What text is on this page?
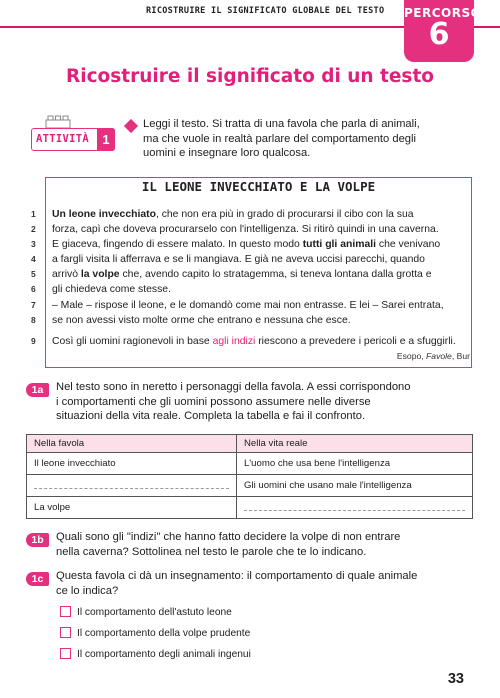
RICOSTRUIRE IL SIGNIFICATO GLOBALE DEL TESTO PERCORSO
6
Ricostruire il significato di un testo
ATTIVITÀ	1
Leggi il testo. Si tratta di una favola che parla di animali,
ma che vuole in realtà parlare del comportamento degli
uomini e insegnare loro qualcosa.
IL LEONE INVECCHIATO E LA VOLPE
1	Un leone invecchiato, che non era più in grado di procurarsi il cibo con la sua
2	forza, capì che doveva procurarselo con l'intelligenza. Si ritirò quindi in una caverna.
3	E giaceva, fingendo di essere malato. In questo modo tutti gli animali che venivano
4	a fargli visita li afferrava e se li mangiava. E già ne aveva uccisi parecchi, quando
5	arrivò la volpe che, avendo capito lo stratagemma, si teneva lontana dalla grotta e
6	gli chiedeva come stesse.
7	– Male – rispose il leone, e le domandò come mai non entrasse. E lei – Sarei entrata,
8	se non avessi visto molte orme che entrano e nessuna che esce.
9	Così gli uomini ragionevoli in base agli indizi riescono a prevedere i pericoli e a sfuggirli.
Esopo, Favole, Bur
1a	Nel testo sono in neretto i personaggi della favola. A essi corrispondono
i comportamenti che gli uomini possono assumere nelle diverse
situazioni della vita reale. Completa la tabella e fai il confronto.
Nella favola	Nella vita reale
Il leone invecchiato	L'uomo che usa bene l'intelligenza

	Gli uomini che usano male l'intelligenza
La volpe	
1b	Quali sono gli "indizi" che hanno fatto decidere la volpe di non entrare
nella caverna? Sottolinea nel testo le parole che te lo indicano.
1c	Questa favola ci dà un insegnamento: il comportamento di quale animale
ce lo indica?
Il comportamento dell'astuto leone
Il comportamento della volpe prudente
Il comportamento degli animali ingenui
33
